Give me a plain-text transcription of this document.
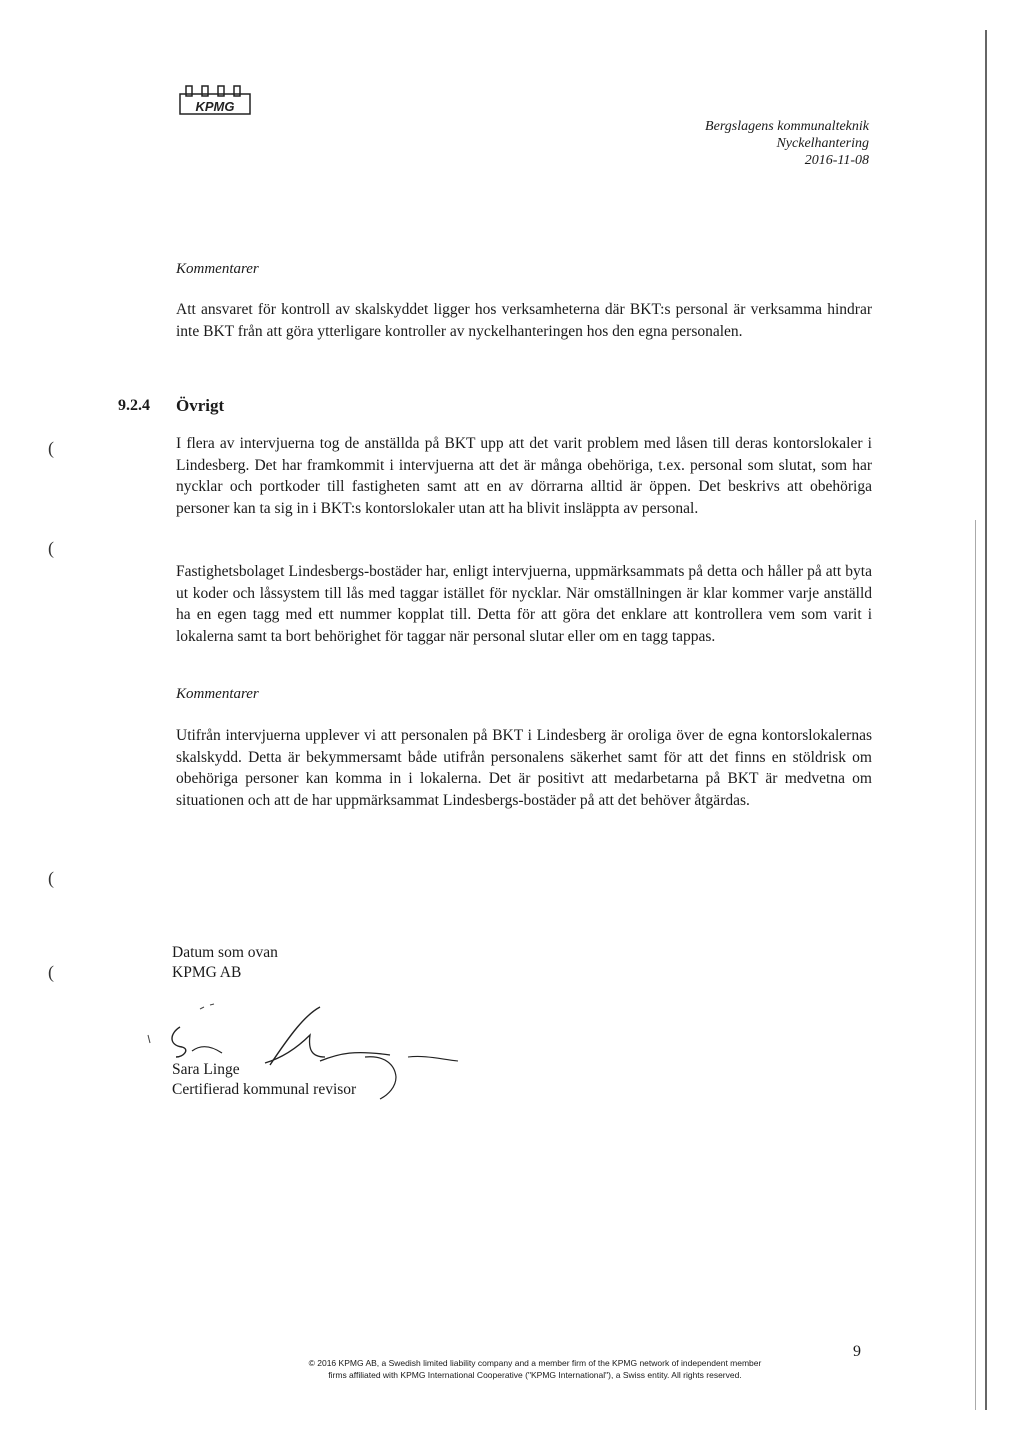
KPMG
Bergslagens kommunalteknik
Nyckelhantering
2016-11-08
Kommentarer
Att ansvaret för kontroll av skalskyddet ligger hos verksamheterna där BKT:s personal är verksamma hindrar inte BKT från att göra ytterligare kontroller av nyckelhanteringen hos den egna personalen.
9.2.4 Övrigt
I flera av intervjuerna tog de anställda på BKT upp att det varit problem med låsen till deras kontorslokaler i Lindesberg. Det har framkommit i intervjuerna att det är många obehöriga, t.ex. personal som slutat, som har nycklar och portkoder till fastigheten samt att en av dörrarna alltid är öppen. Det beskrivs att obehöriga personer kan ta sig in i BKT:s kontorslokaler utan att ha blivit insläppta av personal.
Fastighetsbolaget Lindesbergs-bostäder har, enligt intervjuerna, uppmärksammats på detta och håller på att byta ut koder och låssystem till lås med taggar istället för nycklar. När omställningen är klar kommer varje anställd ha en egen tagg med ett nummer kopplat till. Detta för att göra det enklare att kontrollera vem som varit i lokalerna samt ta bort behörighet för taggar när personal slutar eller om en tagg tappas.
Kommentarer
Utifrån intervjuerna upplever vi att personalen på BKT i Lindesberg är oroliga över de egna kontorslokalernas skalskydd. Detta är bekymmersamt både utifrån personalens säkerhet samt för att det finns en stöldrisk om obehöriga personer kan komma in i lokalerna. Det är positivt att medarbetarna på BKT är medvetna om situationen och att de har uppmärksammat Lindesbergs-bostäder på att det behöver åtgärdas.
(
(
(
(
Datum som ovan
KPMG AB
Sara Linge
Certifierad kommunal revisor
© 2016 KPMG AB, a Swedish limited liability company and a member firm of the KPMG network of independent member firms affiliated with KPMG International Cooperative ("KPMG International"), a Swiss entity. All rights reserved.
9
